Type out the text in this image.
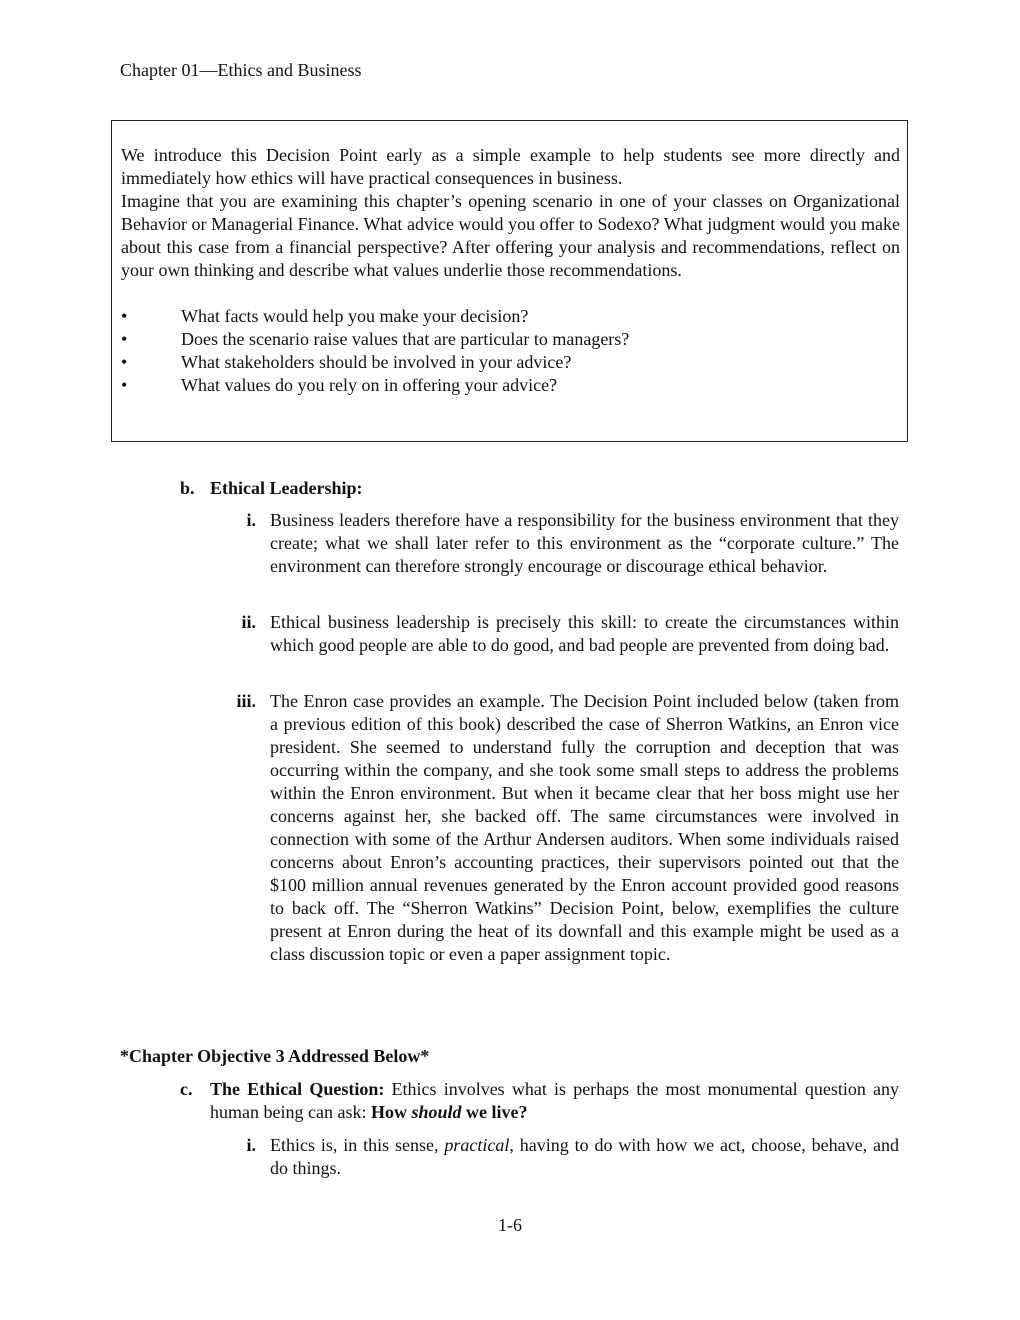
Chapter 01—Ethics and Business

We introduce this Decision Point early as a simple example to help students see more directly and immediately how ethics will have practical consequences in business.

Imagine that you are examining this chapter’s opening scenario in one of your classes on Organizational Behavior or Managerial Finance. What advice would you offer to Sodexo? What judgment would you make about this case from a financial perspective? After offering your analysis and recommendations, reflect on your own thinking and describe what values underlie those recommendations.

•	What facts would help you make your decision?
•	Does the scenario raise values that are particular to managers?
•	What stakeholders should be involved in your advice?
•	What values do you rely on in offering your advice?
b. Ethical Leadership:
i. Business leaders therefore have a responsibility for the business environment that they create; what we shall later refer to this environment as the “corporate culture.” The environment can therefore strongly encourage or discourage ethical behavior.
ii. Ethical business leadership is precisely this skill: to create the circumstances within which good people are able to do good, and bad people are prevented from doing bad.
iii. The Enron case provides an example. The Decision Point included below (taken from a previous edition of this book) described the case of Sherron Watkins, an Enron vice president. She seemed to understand fully the corruption and deception that was occurring within the company, and she took some small steps to address the problems within the Enron environment. But when it became clear that her boss might use her concerns against her, she backed off. The same circumstances were involved in connection with some of the Arthur Andersen auditors. When some individuals raised concerns about Enron’s accounting practices, their supervisors pointed out that the $100 million annual revenues generated by the Enron account provided good reasons to back off. The “Sherron Watkins” Decision Point, below, exemplifies the culture present at Enron during the heat of its downfall and this example might be used as a class discussion topic or even a paper assignment topic.
*Chapter Objective 3 Addressed Below*
c. The Ethical Question: Ethics involves what is perhaps the most monumental question any human being can ask: How should we live?
i. Ethics is, in this sense, practical, having to do with how we act, choose, behave, and do things.
1-6
